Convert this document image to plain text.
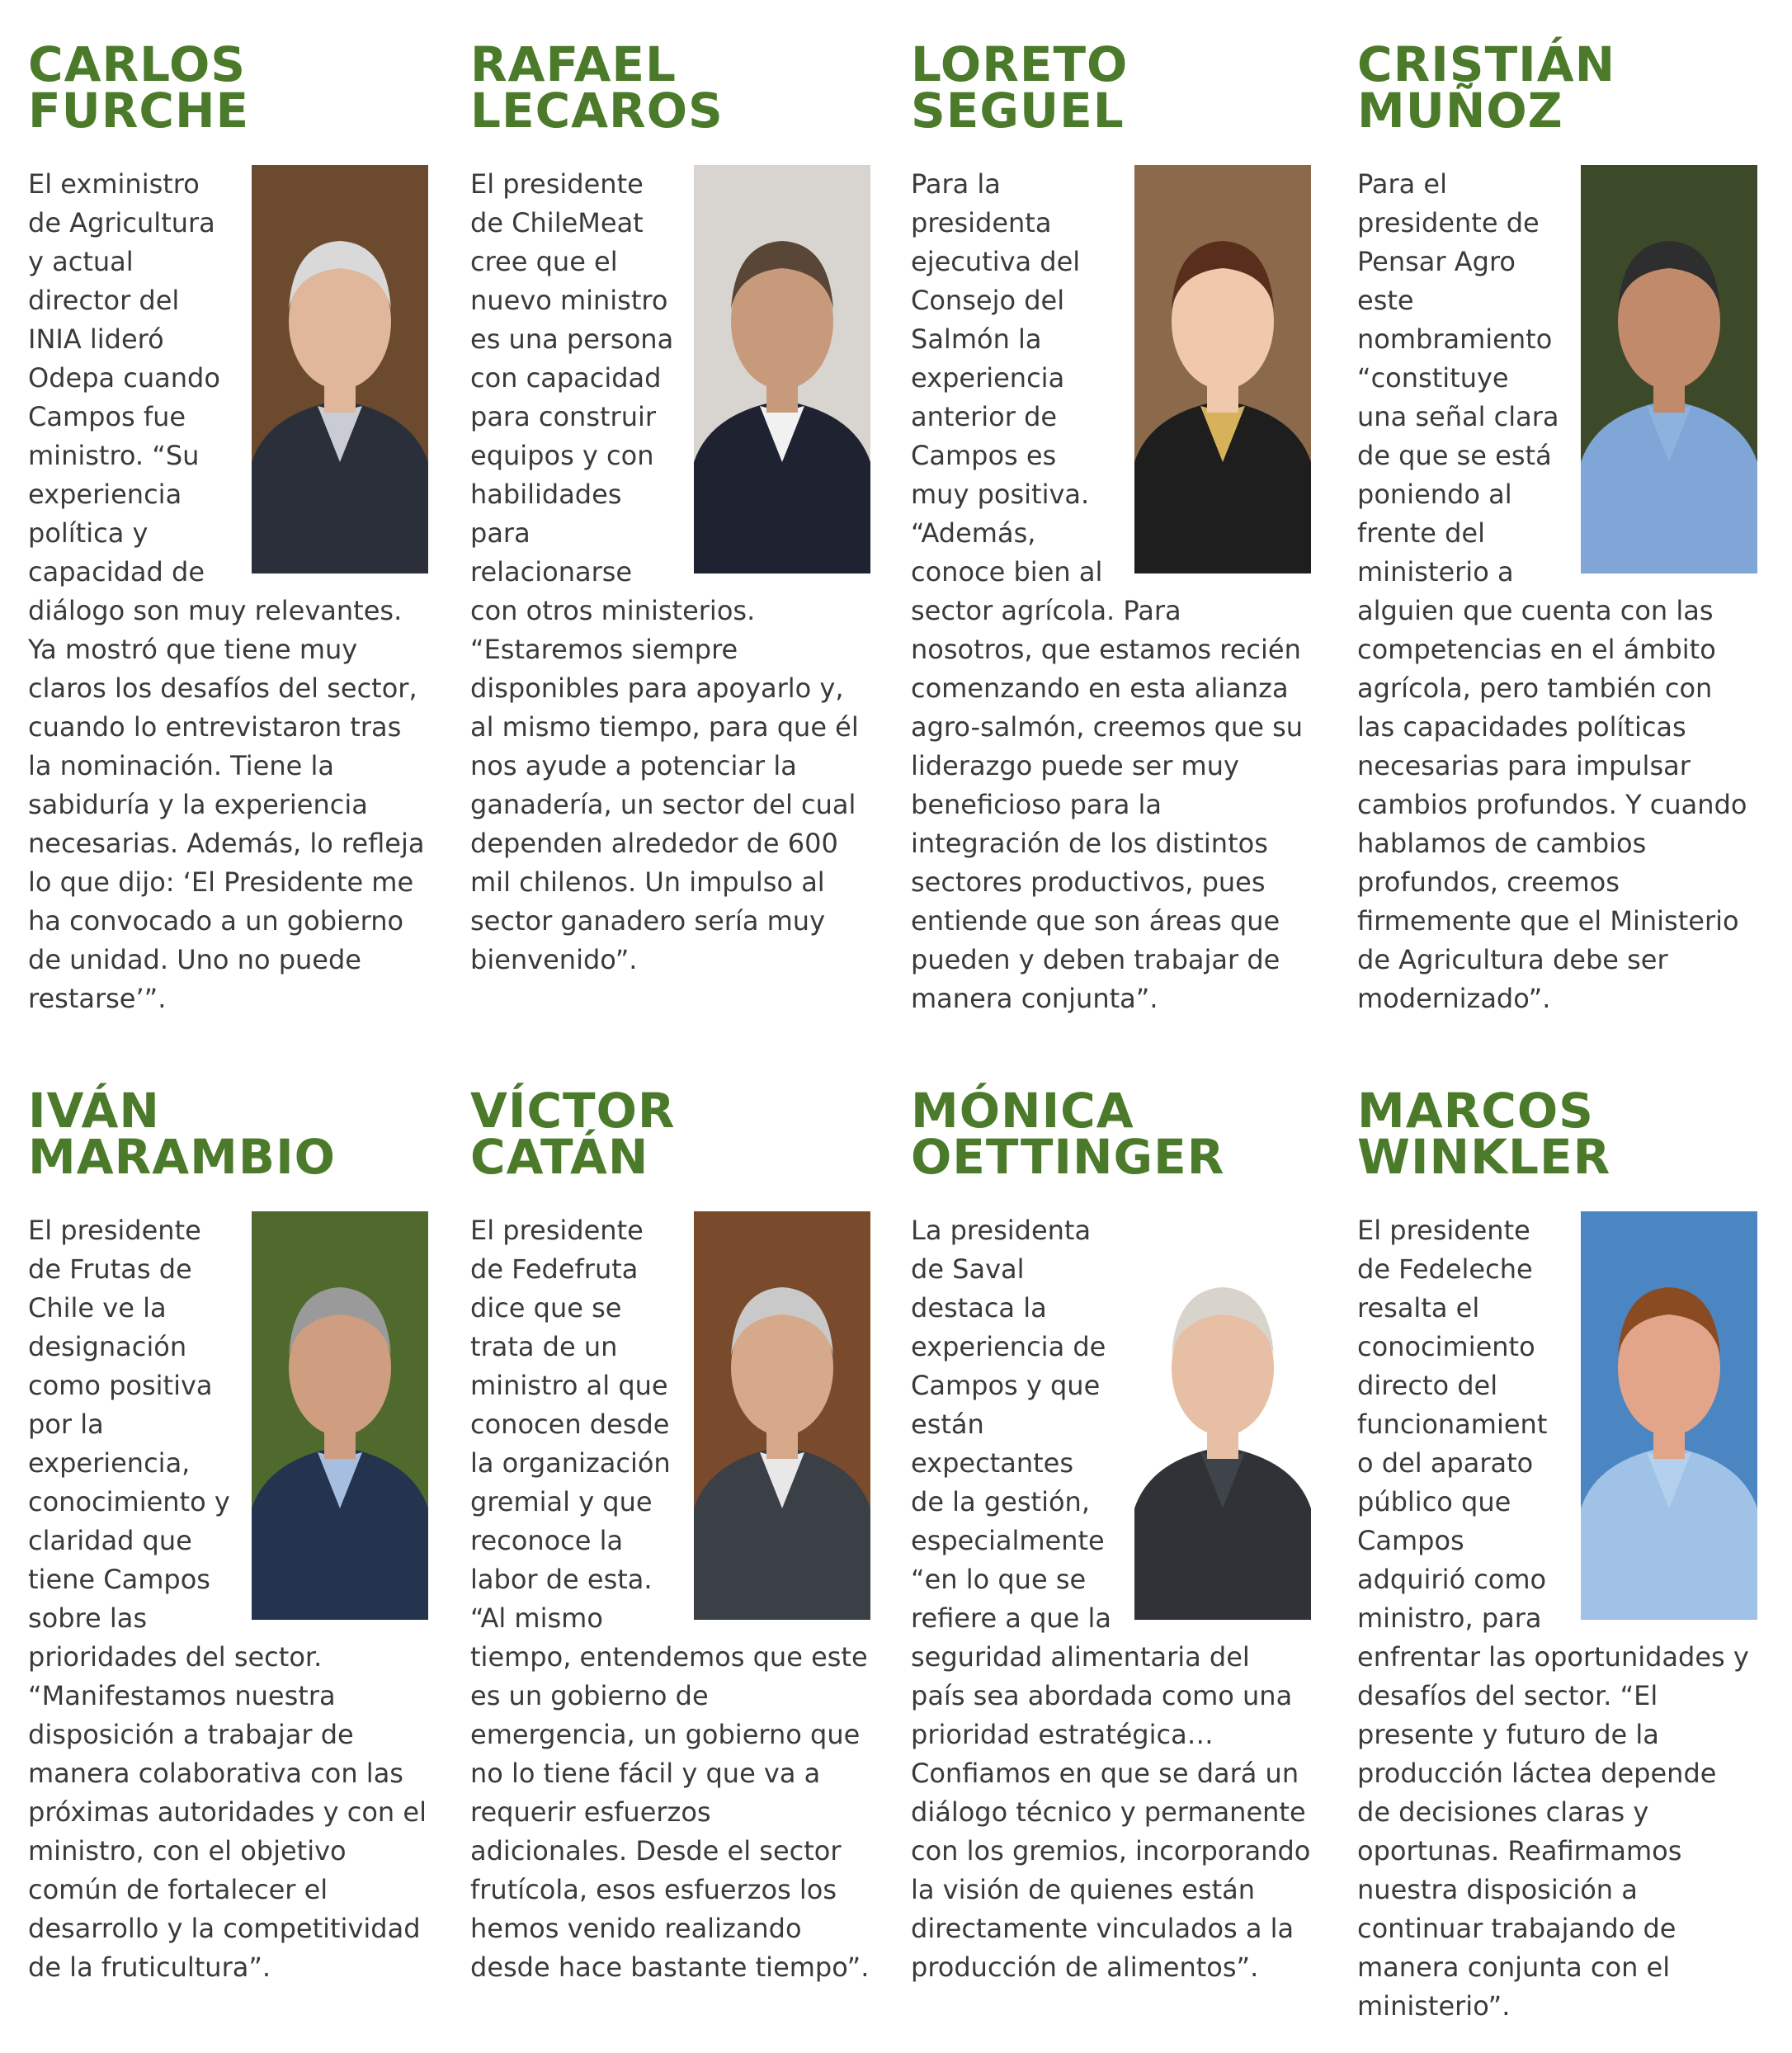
CARLOS
FURCHE

El exministro de Agricultura y actual director del INIA lideró Odepa cuando Campos fue ministro. “Su experiencia política y capacidad de diálogo son muy relevantes. Ya mostró que tiene muy claros los desafíos del sector, cuando lo entrevistaron tras la nominación. Tiene la sabiduría y la experiencia necesarias. Además, lo refleja lo que dijo: ‘El Presidente me ha convocado a un gobierno de unidad. Uno no puede restarse’”.

RAFAEL
LECAROS

El presidente de ChileMeat cree que el nuevo ministro es una persona con capacidad para construir equipos y con habilidades para relacionarse con otros ministerios. “Estaremos siempre disponibles para apoyarlo y, al mismo tiempo, para que él nos ayude a potenciar la ganadería, un sector del cual dependen alrededor de 600 mil chilenos. Un impulso al sector ganadero sería muy bienvenido”.

LORETO
SEGUEL

Para la presidenta ejecutiva del Consejo del Salmón la experiencia anterior de Campos es muy positiva. “Además, conoce bien al sector agrícola. Para nosotros, que estamos recién comenzando en esta alianza agro-salmón, creemos que su liderazgo puede ser muy beneficioso para la integración de los distintos sectores productivos, pues entiende que son áreas que pueden y deben trabajar de manera conjunta”.

CRISTIÁN
MUÑOZ

Para el presidente de Pensar Agro este nombramiento “constituye una señal clara de que se está poniendo al frente del ministerio a alguien que cuenta con las competencias en el ámbito agrícola, pero también con las capacidades políticas necesarias para impulsar cambios profundos. Y cuando hablamos de cambios profundos, creemos firmemente que el Ministerio de Agricultura debe ser modernizado”.

IVÁN
MARAMBIO

El presidente de Frutas de Chile ve la designación como positiva por la experiencia, conocimiento y claridad que tiene Campos sobre las prioridades del sector. “Manifestamos nuestra disposición a trabajar de manera colaborativa con las próximas autoridades y con el ministro, con el objetivo común de fortalecer el desarrollo y la competitividad de la fruticultura”.

VÍCTOR
CATÁN

El presidente de Fedefruta dice que se trata de un ministro al que conocen desde la organización gremial y que reconoce la labor de esta. “Al mismo tiempo, entendemos que este es un gobierno de emergencia, un gobierno que no lo tiene fácil y que va a requerir esfuerzos adicionales. Desde el sector frutícola, esos esfuerzos los hemos venido realizando desde hace bastante tiempo”.

MÓNICA
OETTINGER

La presidenta de Saval destaca la experiencia de Campos y que están expectantes de la gestión, especialmente “en lo que se refiere a que la seguridad alimentaria del país sea abordada como una prioridad estratégica… Confiamos en que se dará un diálogo técnico y permanente con los gremios, incorporando la visión de quienes están directamente vinculados a la producción de alimentos”.

MARCOS
WINKLER

El presidente de Fedeleche resalta el conocimiento directo del funcionamiento del aparato público que Campos adquirió como ministro, para enfrentar las oportunidades y desafíos del sector. “El presente y futuro de la producción láctea depende de decisiones claras y oportunas. Reafirmamos nuestra disposición a continuar trabajando de manera conjunta con el ministerio”.
